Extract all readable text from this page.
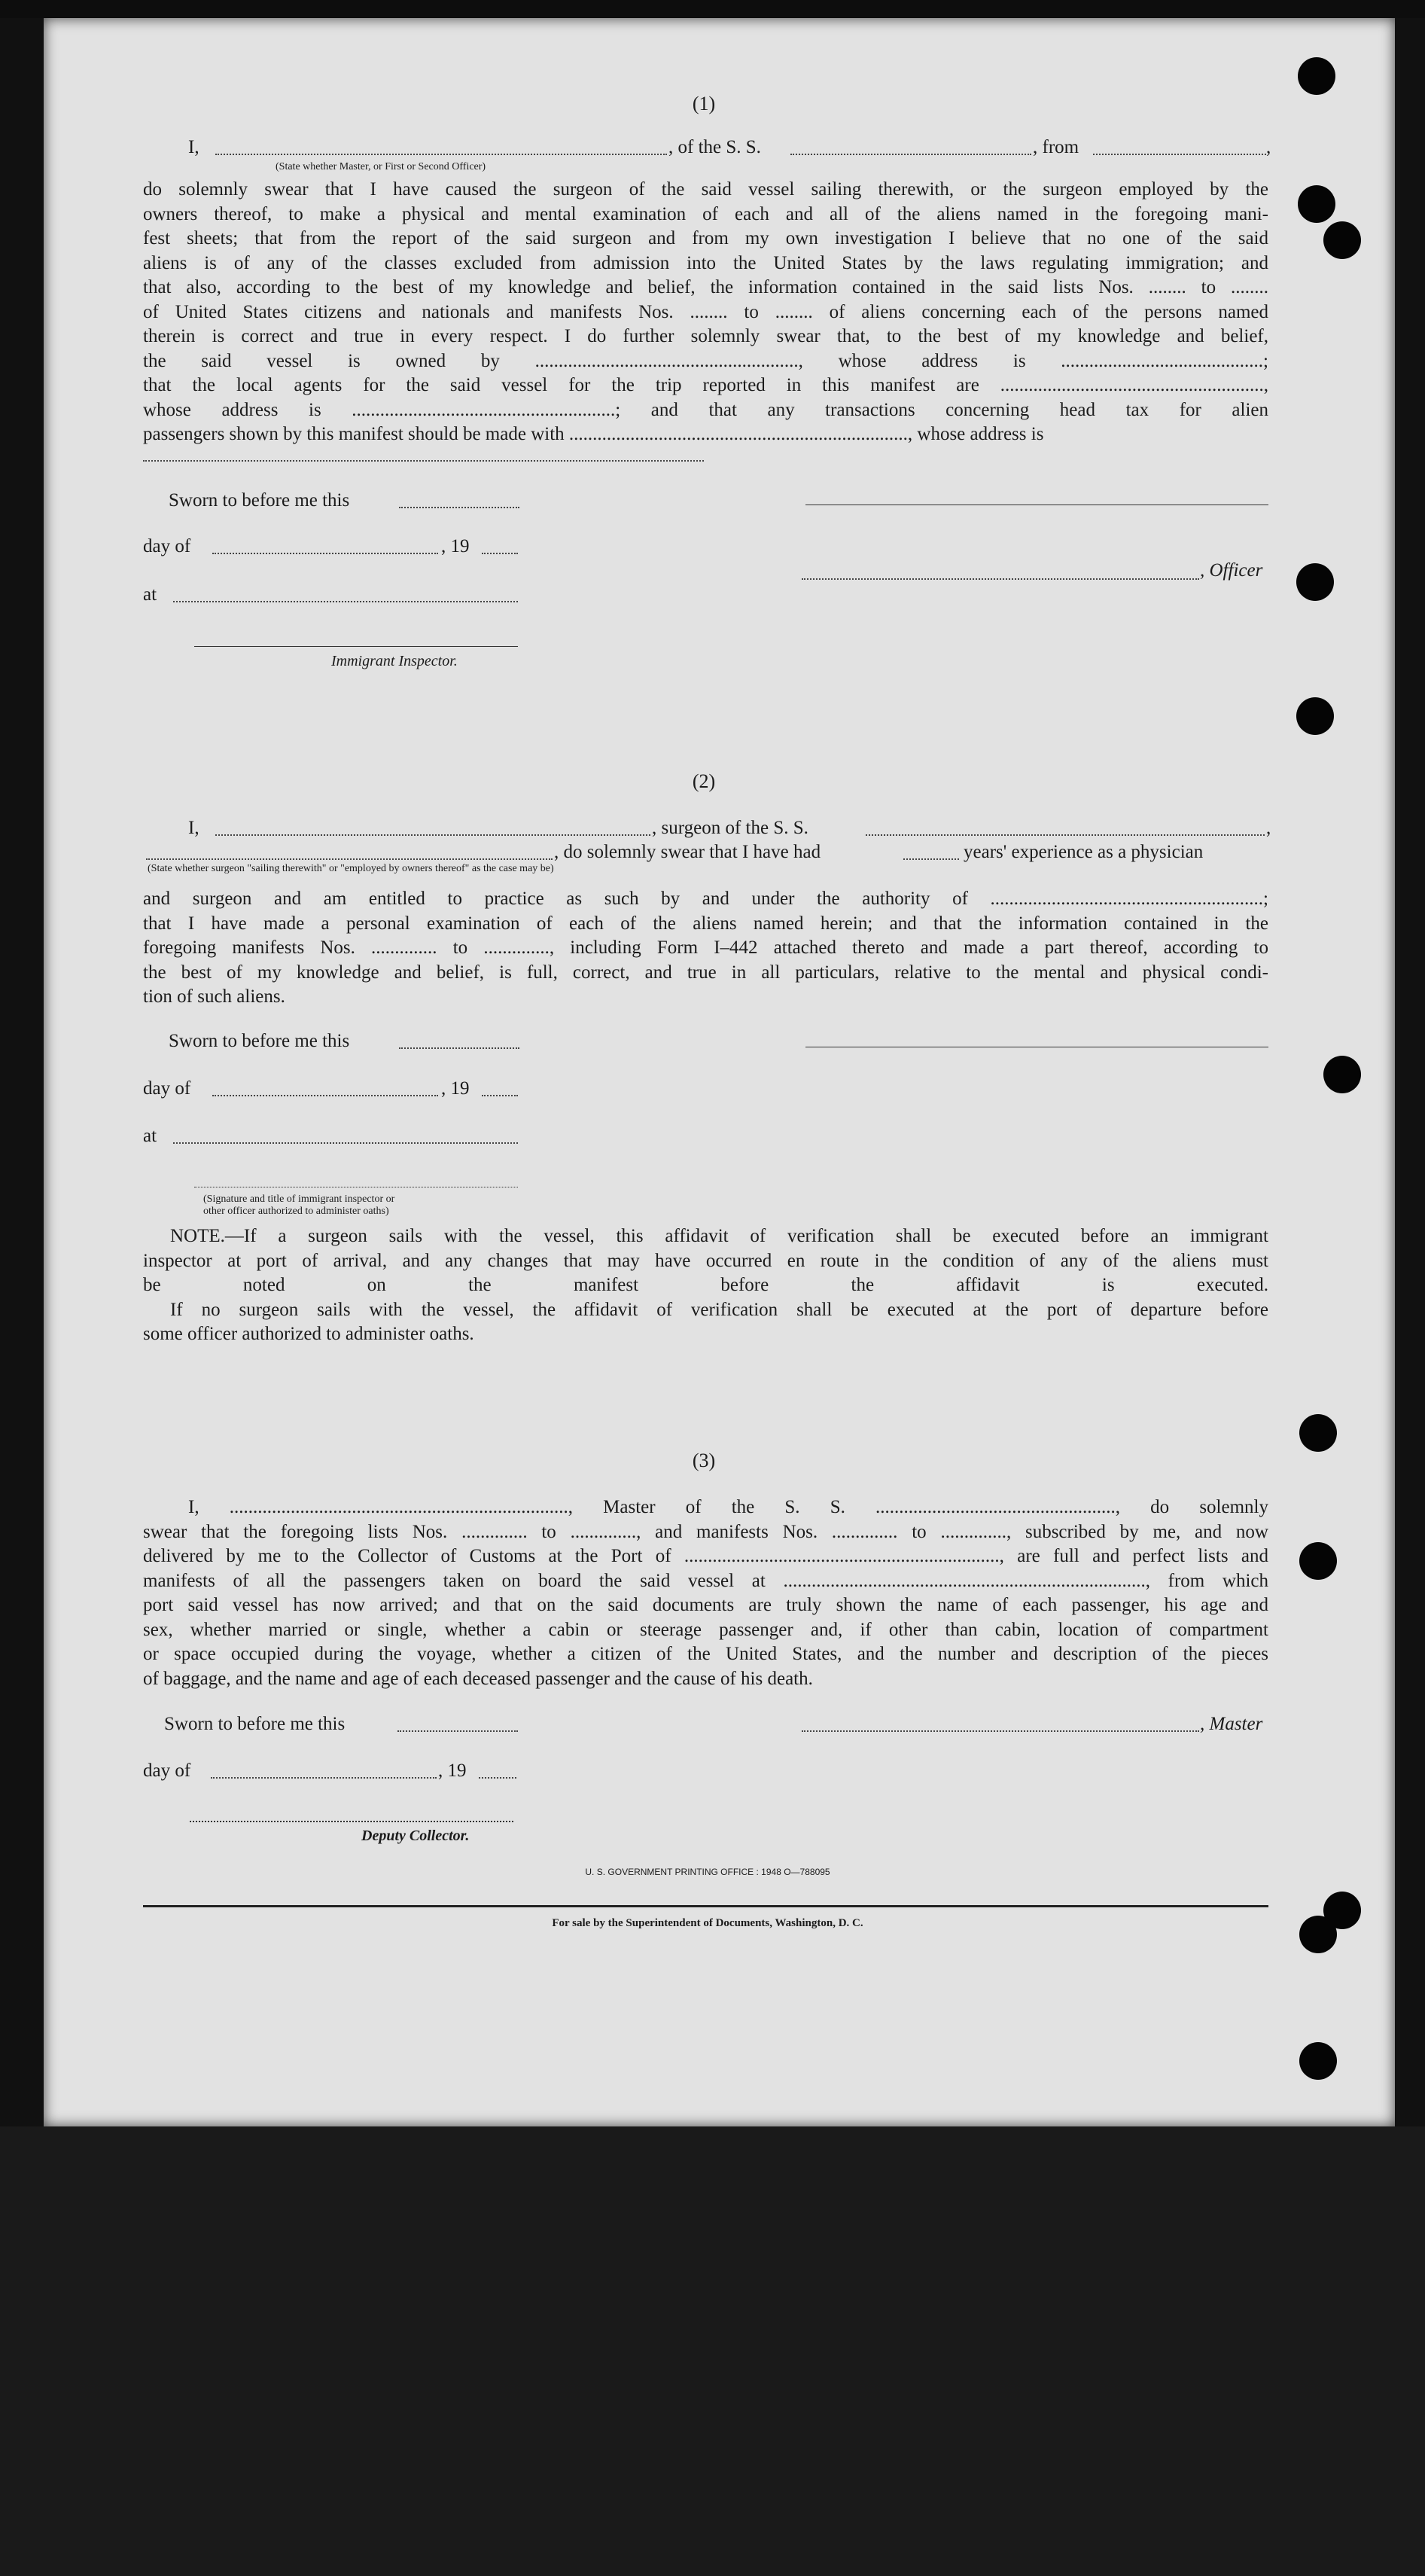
(1)
I,	, of the S. S.	, from	,
(State whether Master, or First or Second Officer)
do solemnly swear that I have caused the surgeon of the said vessel sailing therewith, or the surgeon employed by the
owners thereof, to make a physical and mental examination of each and all of the aliens named in the foregoing mani-
fest sheets; that from the report of the said surgeon and from my own investigation I believe that no one of the said
aliens is of any of the classes excluded from admission into the United States by the laws regulating immigration; and
that also, according to the best of my knowledge and belief, the information contained in the said lists Nos. ........ to ........
of United States citizens and nationals and manifests Nos. ........ to ........ of aliens concerning each of the persons named
therein is correct and true in every respect. I do further solemnly swear that, to the best of my knowledge and belief,
the said vessel is owned by ........................................................, whose address is ...........................................;
that the local agents for the said vessel for the trip reported in this manifest are ........................................................,
whose address is ........................................................; and that any transactions concerning head tax for alien
passengers shown by this manifest should be made with ........................................................................, whose address is
Sworn to before me this
day of	, 19
, Officer
at
Immigrant Inspector.
(2)
I,	, surgeon of the S. S.	,
, do solemnly swear that I have had	years' experience as a physician
(State whether surgeon "sailing therewith" or "employed by owners thereof" as the case may be)
and surgeon and am entitled to practice as such by and under the authority of ..........................................................;
that I have made a personal examination of each of the aliens named herein; and that the information contained in the
foregoing manifests Nos. .............. to .............., including Form I–442 attached thereto and made a part thereof, according to
the best of my knowledge and belief, is full, correct, and true in all particulars, relative to the mental and physical condi-
tion of such aliens.
Sworn to before me this
day of	, 19
at
(Signature and title of immigrant inspector or
other officer authorized to administer oaths)
NOTE.—If a surgeon sails with the vessel, this affidavit of verification shall be executed before an immigrant
inspector at port of arrival, and any changes that may have occurred en route in the condition of any of the aliens must
be noted on the manifest before the affidavit is executed.
If no surgeon sails with the vessel, the affidavit of verification shall be executed at the port of departure before
some officer authorized to administer oaths.
(3)
I, ........................................................................, Master of the S. S. ..................................................., do solemnly
swear that the foregoing lists Nos. .............. to .............., and manifests Nos. .............. to .............., subscribed by me, and now
delivered by me to the Collector of Customs at the Port of ..................................................................., are full and perfect lists and
manifests of all the passengers taken on board the said vessel at ............................................................................., from which
port said vessel has now arrived; and that on the said documents are truly shown the name of each passenger, his age and
sex, whether married or single, whether a cabin or steerage passenger and, if other than cabin, location of compartment
or space occupied during the voyage, whether a citizen of the United States, and the number and description of the pieces
of baggage, and the name and age of each deceased passenger and the cause of his death.
Sworn to before me this	, Master
day of	, 19
Deputy Collector.
U. S. GOVERNMENT PRINTING OFFICE : 1948 O—788095
For sale by the Superintendent of Documents, Washington, D. C.
